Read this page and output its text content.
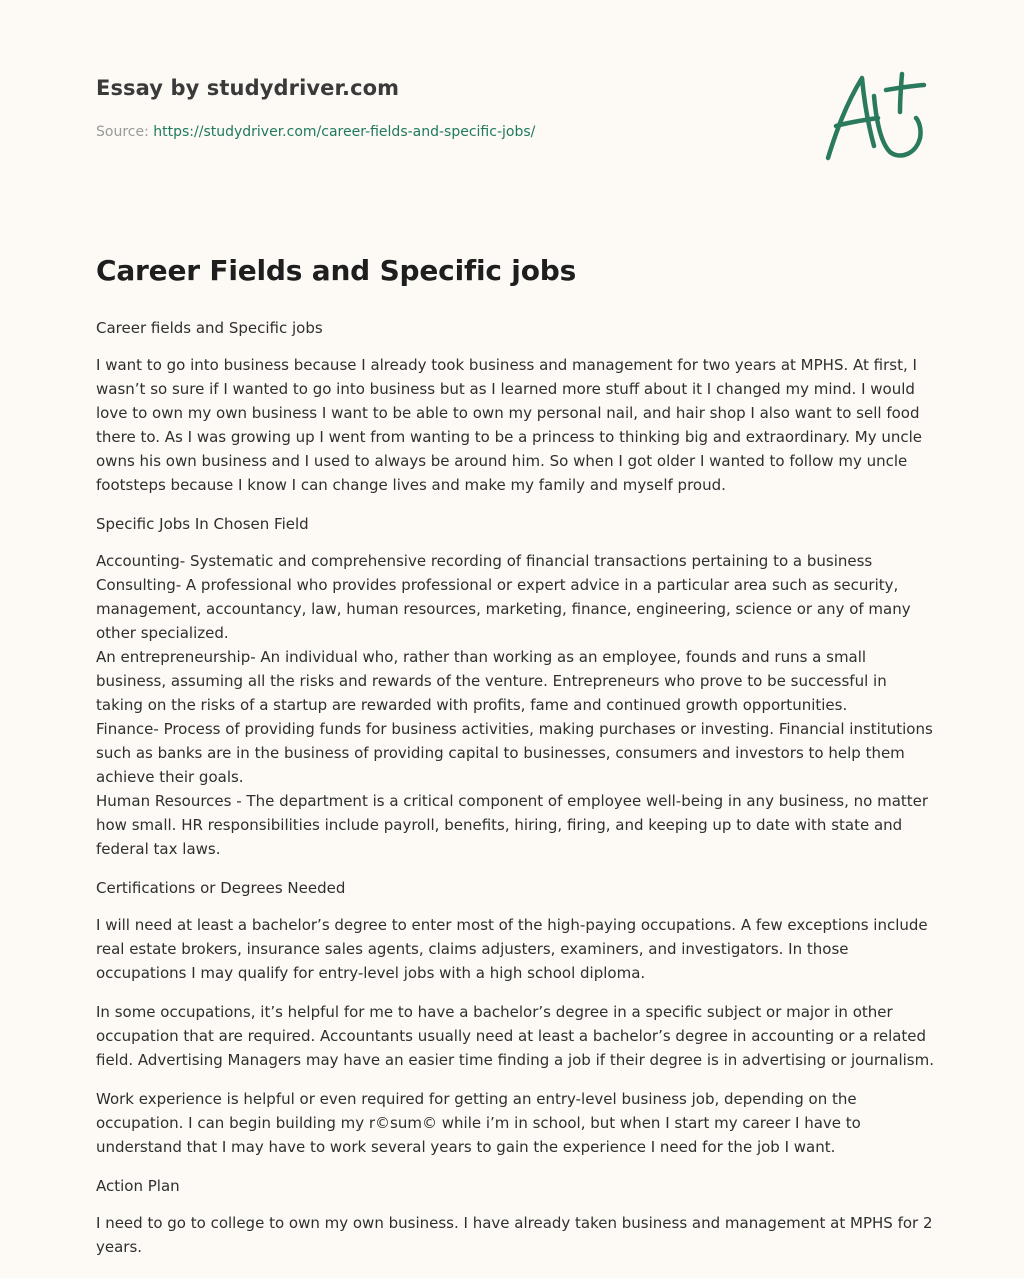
Essay by studydriver.com
Source: https://studydriver.com/career-fields-and-specific-jobs/
Career Fields and Specific jobs

Career fields and Specific jobs

I want to go into business because I already took business and management for two years at MPHS. At first, I wasn’t so sure if I wanted to go into business but as I learned more stuff about it I changed my mind. I would love to own my own business I want to be able to own my personal nail, and hair shop I also want to sell food there to. As I was growing up I went from wanting to be a princess to thinking big and extraordinary. My uncle owns his own business and I used to always be around him. So when I got older I wanted to follow my uncle footsteps because I know I can change lives and make my family and myself proud.

Specific Jobs In Chosen Field

Accounting- Systematic and comprehensive recording of financial transactions pertaining to a business
Consulting- A professional who provides professional or expert advice in a particular area such as security, management, accountancy, law, human resources, marketing, finance, engineering, science or any of many other specialized.
An entrepreneurship- An individual who, rather than working as an employee, founds and runs a small business, assuming all the risks and rewards of the venture. Entrepreneurs who prove to be successful in taking on the risks of a startup are rewarded with profits, fame and continued growth opportunities.
Finance- Process of providing funds for business activities, making purchases or investing. Financial institutions such as banks are in the business of providing capital to businesses, consumers and investors to help them achieve their goals.
Human Resources - The department is a critical component of employee well-being in any business, no matter how small. HR responsibilities include payroll, benefits, hiring, firing, and keeping up to date with state and federal tax laws.

Certifications or Degrees Needed

I will need at least a bachelor’s degree to enter most of the high-paying occupations. A few exceptions include real estate brokers, insurance sales agents, claims adjusters, examiners, and investigators. In those occupations I may qualify for entry-level jobs with a high school diploma.

In some occupations, it’s helpful for me to have a bachelor’s degree in a specific subject or major in other occupation that are required. Accountants usually need at least a bachelor’s degree in accounting or a related field. Advertising Managers may have an easier time finding a job if their degree is in advertising or journalism.

Work experience is helpful or even required for getting an entry-level business job, depending on the occupation. I can begin building my r©sum© while i’m in school, but when I start my career I have to understand that I may have to work several years to gain the experience I need for the job I want.

Action Plan

I need to go to college to own my own business. I have already taken business and management at MPHS for 2 years.
